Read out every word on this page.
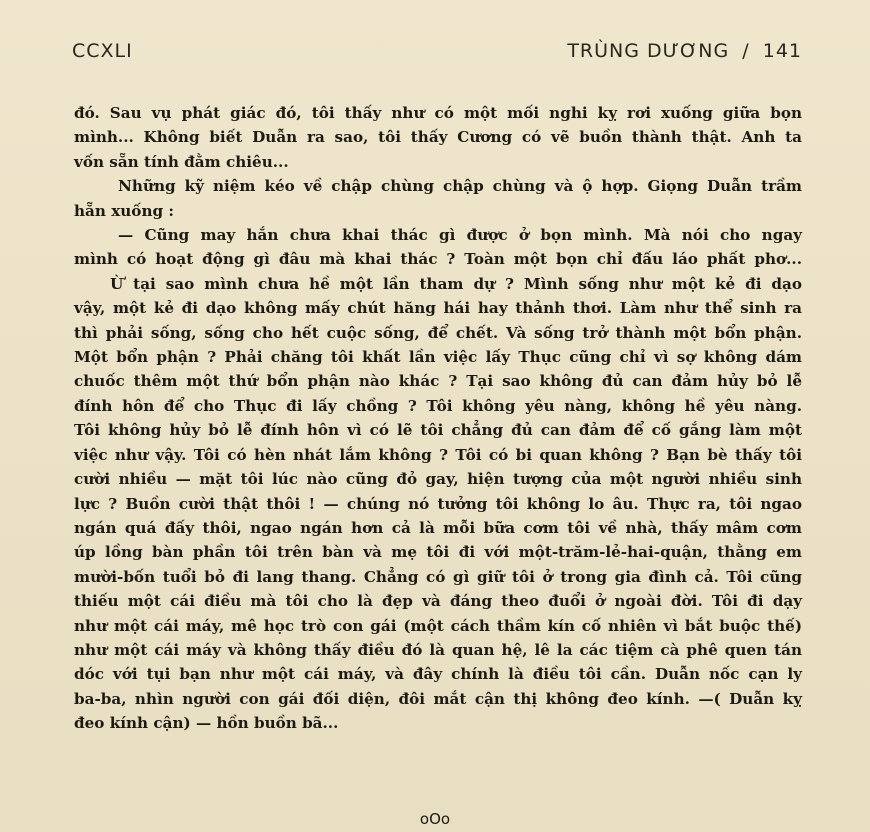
CCXLI	TRÙNG DƯƠNG / 141
đó. Sau vụ phát giác đó, tôi thấy như có một mối nghi kỵ rơi xuống giữa bọn
mình... Không biết Duẫn ra sao, tôi thấy Cương có vẽ buồn thành thật. Anh ta
vốn sẵn tính đằm chiêu...
Những kỹ niệm kéo về chập chùng chập chùng và ộ hợp. Giọng Duẫn trầm
hẵn xuống :
— Cũng may hắn chưa khai thác gì được ở bọn mình. Mà nói cho ngay
mình có hoạt động gì đâu mà khai thác ? Toàn một bọn chỉ đấu láo phất phơ...
Ừ tại sao mình chưa hề một lần tham dự ? Mình sống như một kẻ đi dạo
vậy, một kẻ đi dạo không mấy chút hăng hái hay thảnh thơi. Làm như thể sinh ra
thì phải sống, sống cho hết cuộc sống, để chết. Và sống trở thành một bổn phận.
Một bổn phận ? Phải chăng tôi khất lần việc lấy Thục cũng chỉ vì sợ không dám
chuốc thêm một thứ bổn phận nào khác ? Tại sao không đủ can đảm hủy bỏ lễ
đính hôn để cho Thục đi lấy chồng ? Tôi không yêu nàng, không hề yêu nàng.
Tôi không hủy bỏ lễ đính hôn vì có lẽ tôi chẳng đủ can đảm để cố gắng làm một
việc như vậy. Tôi có hèn nhát lắm không ? Tôi có bi quan không ? Bạn bè thấy tôi
cười nhiều — mặt tôi lúc nào cũng đỏ gay, hiện tượng của một người nhiều sinh
lực ? Buồn cười thật thôi ! — chúng nó tưởng tôi không lo âu. Thực ra, tôi ngao
ngán quá đấy thôi, ngao ngán hơn cả là mỗi bữa cơm tôi về nhà, thấy mâm cơm
úp lồng bàn phần tôi trên bàn và mẹ tôi đi với một-trăm-lẻ-hai-quận, thằng em
mười-bốn tuổi bỏ đi lang thang. Chẳng có gì giữ tôi ở trong gia đình cả. Tôi cũng
thiếu một cái điều mà tôi cho là đẹp và đáng theo đuổi ở ngoài đời. Tôi đi dạy
như một cái máy, mê học trò con gái (một cách thầm kín cố nhiên vì bắt buộc thế)
như một cái máy và không thấy điều đó là quan hệ, lê la các tiệm cà phê quen tán
dóc với tụi bạn như một cái máy, và đây chính là điều tôi cần. Duẫn nốc cạn ly
ba-ba, nhìn người con gái đối diện, đôi mắt cận thị không đeo kính. —( Duẫn kỵ
đeo kính cận) — hồn buồn bã...
oOo
